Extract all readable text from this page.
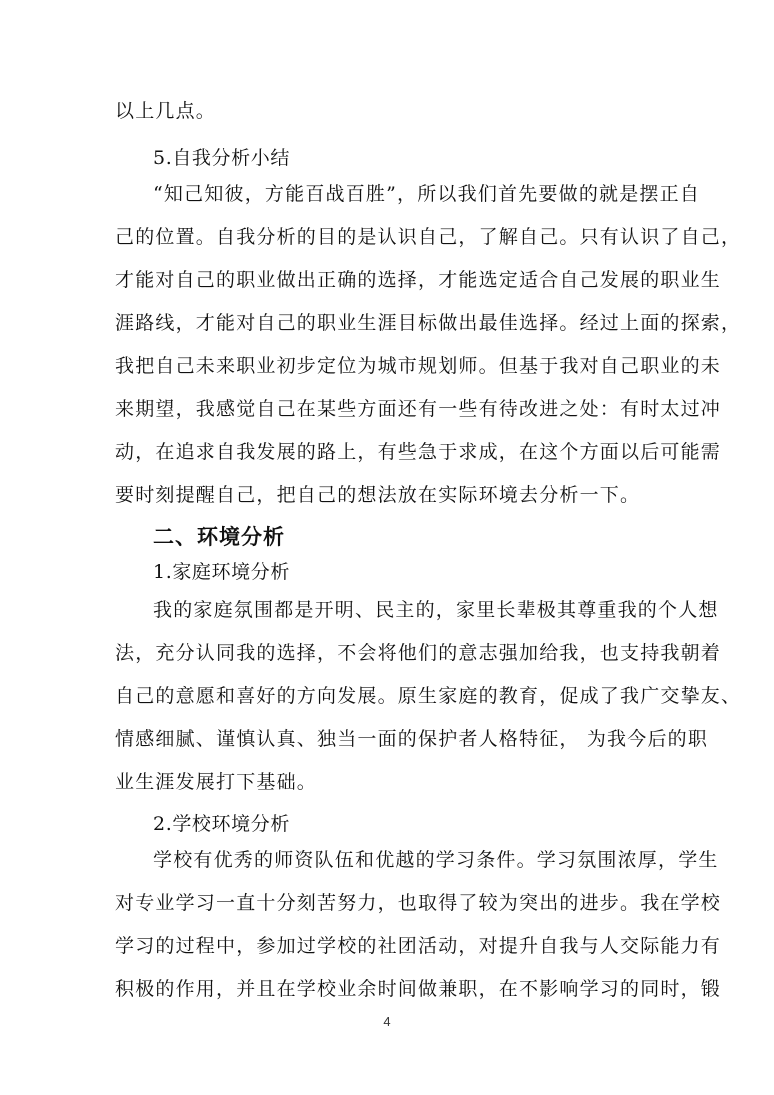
以上几点。
5.自我分析小结
“知己知彼，方能百战百胜”，所以我们首先要做的就是摆正自
己的位置。自我分析的目的是认识自己，了解自己。只有认识了自己，
才能对自己的职业做出正确的选择，才能选定适合自己发展的职业生
涯路线，才能对自己的职业生涯目标做出最佳选择。经过上面的探索，
我把自己未来职业初步定位为城市规划师。但基于我对自己职业的未
来期望，我感觉自己在某些方面还有一些有待改进之处：有时太过冲
动，在追求自我发展的路上，有些急于求成，在这个方面以后可能需
要时刻提醒自己，把自己的想法放在实际环境去分析一下。
二、环境分析
1.家庭环境分析
我的家庭氛围都是开明、民主的，家里长辈极其尊重我的个人想
法，充分认同我的选择，不会将他们的意志强加给我，也支持我朝着
自己的意愿和喜好的方向发展。原生家庭的教育，促成了我广交挚友、
情感细腻、谨慎认真、独当一面的保护者人格特征， 为我今后的职
业生涯发展打下基础。
2.学校环境分析
学校有优秀的师资队伍和优越的学习条件。学习氛围浓厚，学生
对专业学习一直十分刻苦努力，也取得了较为突出的进步。我在学校
学习的过程中，参加过学校的社团活动，对提升自我与人交际能力有
积极的作用，并且在学校业余时间做兼职，在不影响学习的同时，锻
4
